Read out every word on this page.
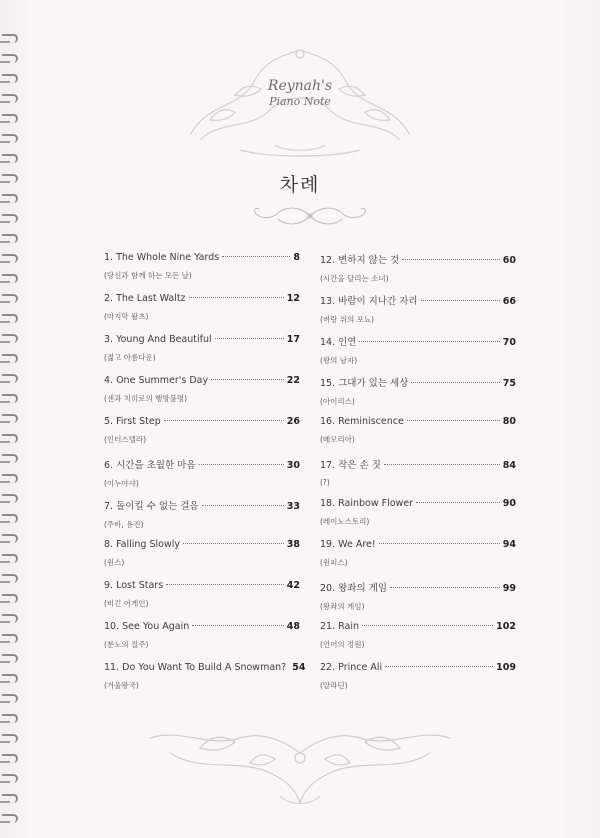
Reynah's
Piano Note
차례
1. The Whole Nine Yards	8
(당신과 함께 하는 모든 날)
2. The Last Waltz	12
(마지막 왈츠)
3. Young And Beautiful	17
(젊고 아름다운)
4. One Summer's Day	22
(센과 치히로의 행방불명)
5. First Step	26
(인터스텔라)
6. 시간을 초월한 마음	30
(이누야샤)
7. 돌이킬 수 없는 걸음	33
(주바, 용진)
8. Falling Slowly	38
(원스)
9. Lost Stars	42
(비긴 어게인)
10. See You Again	48
(분노의 질주)
11. Do You Want To Build A Snowman? 54
(겨울왕국)
12. 변하지 않는 것	60
(시간을 달리는 소녀)
13. 바람이 지나간 자리	66
(벼랑 위의 포뇨)
14. 인연	70
(왕의 남자)
15. 그대가 있는 세상	75
(아이리스)
16. Reminiscence	80
(메모리아)
17. 작은 손 짓	84
(?)
18. Rainbow Flower	90
(레이노스토리)
19. We Are!	94
(원피스)
20. 왕좌의 게임	99
(왕좌의 게임)
21. Rain	102
(언어의 정원)
22. Prince Ali	109
(알라딘)
